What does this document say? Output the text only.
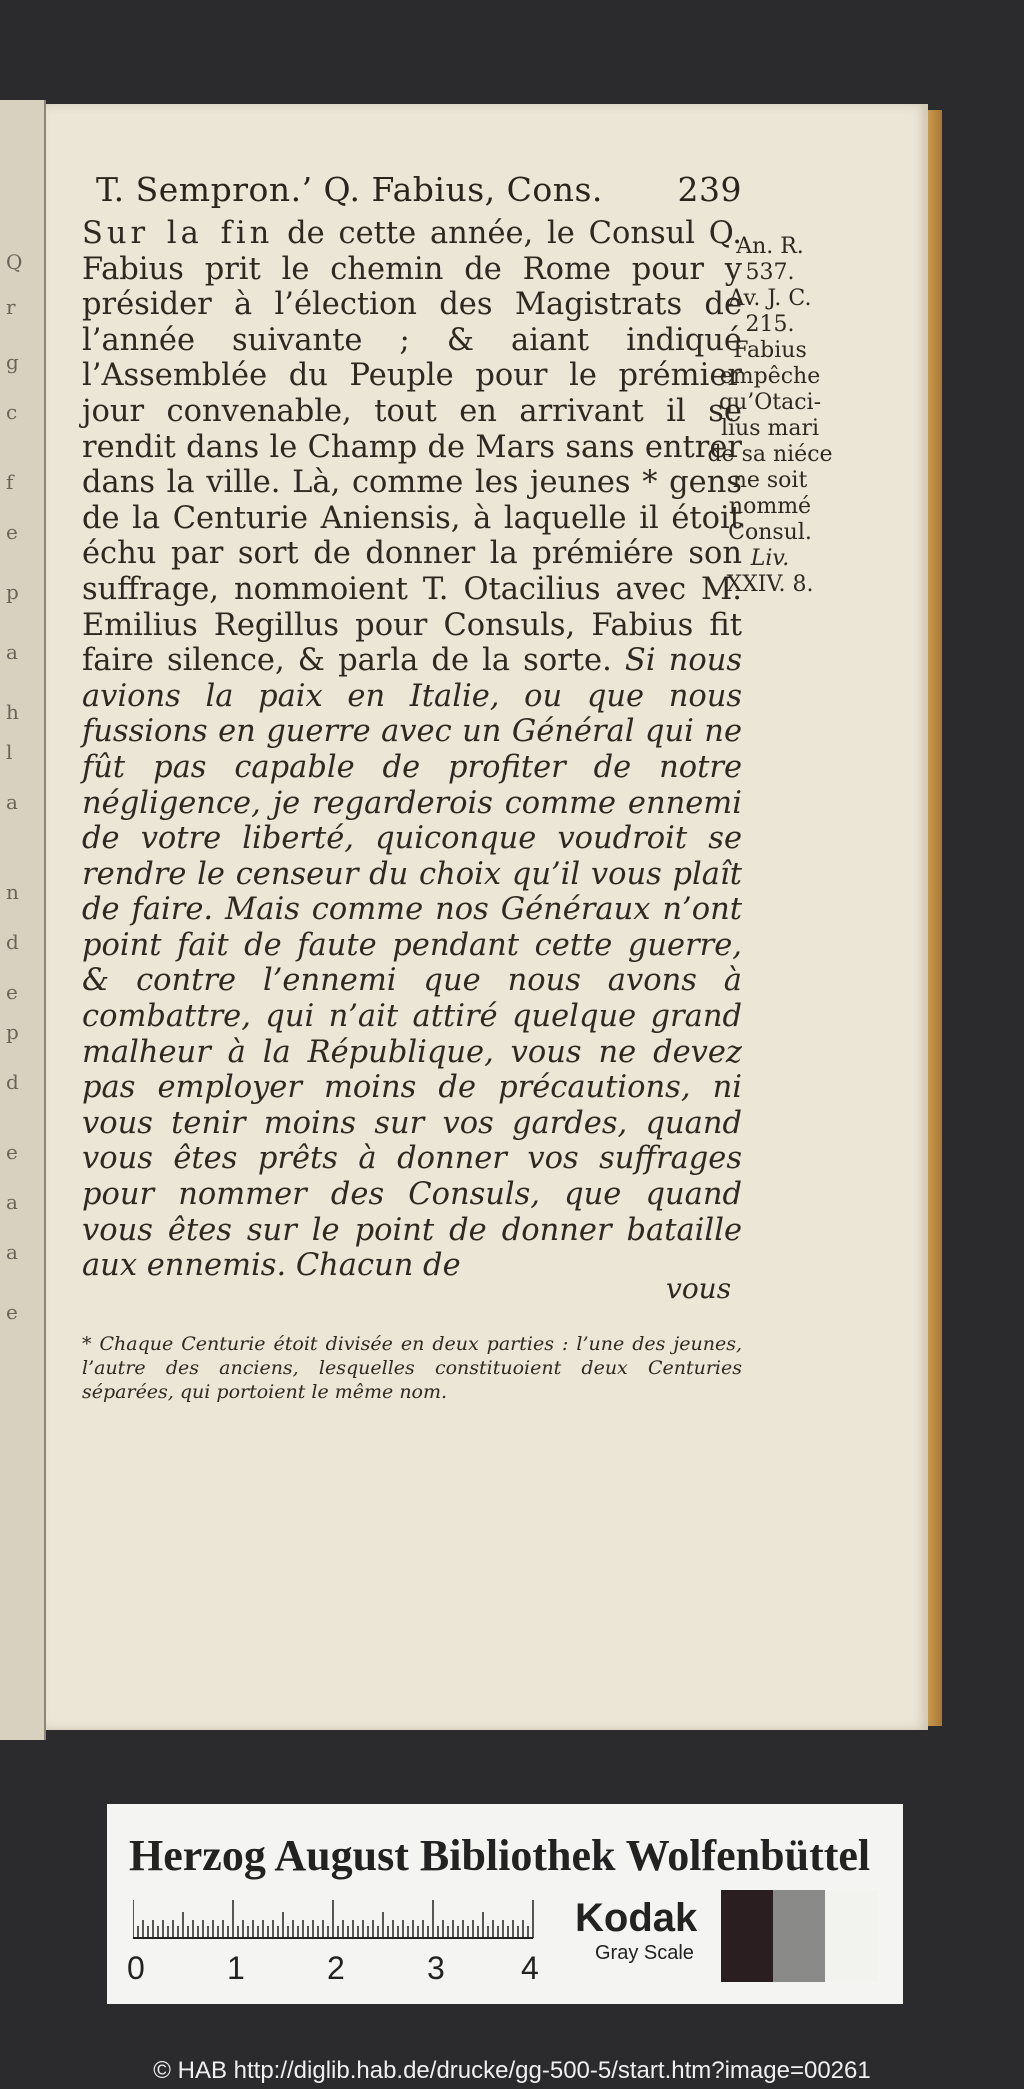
Q
r
g
c
f
e
p
a
h
l
a
n
d
e
p
d
e
a
a
e
T. Sempron.’ Q. Fabius, Cons. 239
Sur la fin de cette année, le Consul Q. Fabius prit le chemin de Rome pour y présider à l’élection des Magistrats de l’année suivante ; & aiant indiqué l’Assemblée du Peuple pour le prémier jour convenable, tout en arrivant il se rendit dans le Champ de Mars sans entrer dans la ville. Là, comme les jeunes * gens de la Centurie Aniensis, à laquelle il étoit échu par sort de donner la prémiére son suffrage, nommoient T. Otacilius avec M. Emilius Regillus pour Consuls, Fabius fit faire silence, & parla de la sorte. Si nous avions la paix en Italie, ou que nous fussions en guerre avec un Général qui ne fût pas capable de profiter de notre négligence, je regarderois comme ennemi de votre liberté, quiconque voudroit se rendre le censeur du choix qu’il vous plaît de faire. Mais comme nos Généraux n’ont point fait de faute pendant cette guerre, & contre l’ennemi que nous avons à combattre, qui n’ait attiré quelque grand malheur à la République, vous ne devez pas employer moins de précautions, ni vous tenir moins sur vos gardes, quand vous êtes prêts à donner vos suffrages pour nommer des Consuls, que quand vous êtes sur le point de donner bataille aux ennemis. Chacun de
An. R.
537.
Av. J. C.
215.
Fabius
empêche
qu’Otaci-
lius mari
de sa niéce
ne soit
nommé
Consul.
Liv.
XXIV. 8.
vous
* Chaque Centurie étoit divisée en deux parties : l’une des jeunes, l’autre des anciens, lesquelles constituoient deux Centuries séparées, qui portoient le même nom.
Herzog August Bibliothek Wolfenbüttel
0	1	2	3 4
Kodak
Gray Scale
© HAB http://diglib.hab.de/drucke/gg-500-5/start.htm?image=00261
